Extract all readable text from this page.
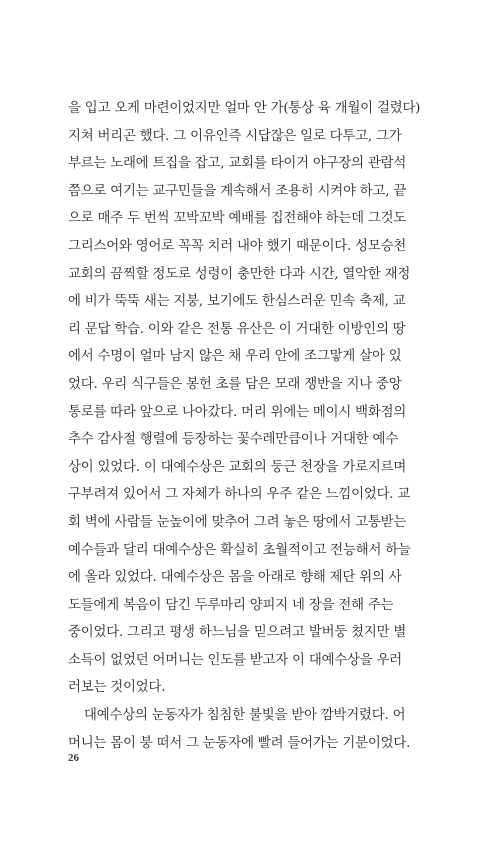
을 입고 오게 마련이었지만 얼마 안 가(통상 육 개월이 걸렸다)
지쳐 버리곤 했다. 그 이유인즉 시답잖은 일로 다투고, 그가
부르는 노래에 트집을 잡고, 교회를 타이거 야구장의 관람석
쯤으로 여기는 교구민들을 계속해서 조용히 시켜야 하고, 끝
으로 매주 두 번씩 꼬박꼬박 예배를 집전해야 하는데 그것도
그리스어와 영어로 꼭꼭 치러 내야 했기 때문이다. 성모승천
교회의 끔찍할 정도로 성령이 충만한 다과 시간, 열악한 재정
에 비가 뚝뚝 새는 지붕, 보기에도 한심스러운 민속 축제, 교
리 문답 학습. 이와 같은 전통 유산은 이 거대한 이방인의 땅
에서 수명이 얼마 남지 않은 채 우리 안에 조그맣게 살아 있
었다. 우리 식구들은 봉헌 초를 담은 모래 쟁반을 지나 중앙
통로를 따라 앞으로 나아갔다. 머리 위에는 메이시 백화점의
추수 감사절 행렬에 등장하는 꽃수레만큼이나 거대한 예수
상이 있었다. 이 대예수상은 교회의 둥근 천장을 가로지르며
구부려져 있어서 그 자체가 하나의 우주 같은 느낌이었다. 교
회 벽에 사람들 눈높이에 맞추어 그려 놓은 땅에서 고통받는
예수들과 달리 대예수상은 확실히 초월적이고 전능해서 하늘
에 올라 있었다. 대예수상은 몸을 아래로 향해 제단 위의 사
도들에게 복음이 담긴 두루마리 양피지 네 장을 전해 주는
중이었다. 그리고 평생 하느님을 믿으려고 발버둥 쳤지만 별
소득이 없었던 어머니는 인도를 받고자 이 대예수상을 우러
러보는 것이었다.
대예수상의 눈동자가 침침한 불빛을 받아 깜박거렸다. 어
머니는 몸이 붕 떠서 그 눈동자에 빨려 들어가는 기분이었다.
26
